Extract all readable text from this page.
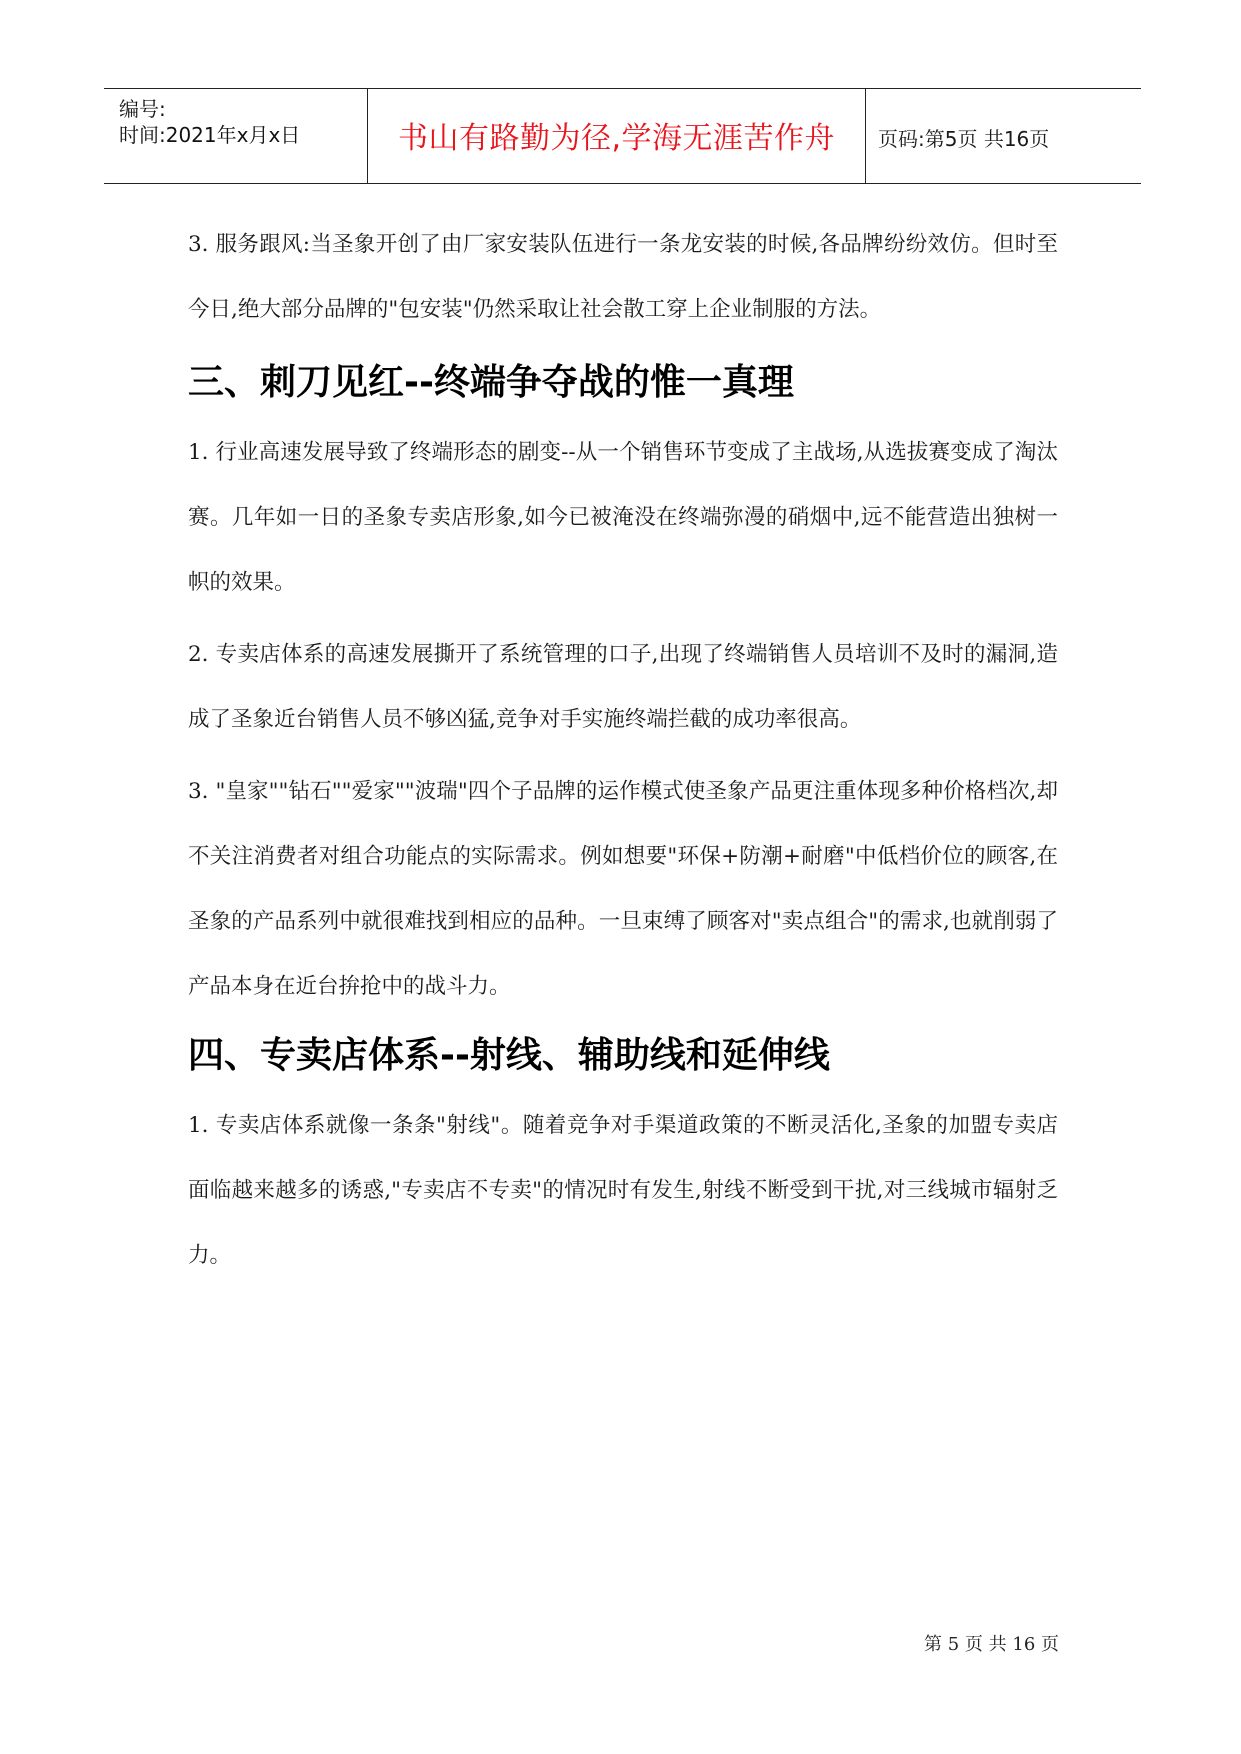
编号:
时间:2021年x月x日	书山有路勤为径,学海无涯苦作舟	页码:第5页 共16页

3. 服务跟风:当圣象开创了由厂家安装队伍进行一条龙安装的时候,各品牌纷纷效仿。但时至今日,绝大部分品牌的"包安装"仍然采取让社会散工穿上企业制服的方法。

三、刺刀见红--终端争夺战的惟一真理

1. 行业高速发展导致了终端形态的剧变--从一个销售环节变成了主战场,从选拔赛变成了淘汰赛。几年如一日的圣象专卖店形象,如今已被淹没在终端弥漫的硝烟中,远不能营造出独树一帜的效果。

2. 专卖店体系的高速发展撕开了系统管理的口子,出现了终端销售人员培训不及时的漏洞,造成了圣象近台销售人员不够凶猛,竞争对手实施终端拦截的成功率很高。

3. "皇家""钻石""爱家""波瑞"四个子品牌的运作模式使圣象产品更注重体现多种价格档次,却不关注消费者对组合功能点的实际需求。例如想要"环保+防潮+耐磨"中低档价位的顾客,在圣象的产品系列中就很难找到相应的品种。一旦束缚了顾客对"卖点组合"的需求,也就削弱了产品本身在近台拚抢中的战斗力。

四、专卖店体系--射线、辅助线和延伸线

1. 专卖店体系就像一条条"射线"。随着竞争对手渠道政策的不断灵活化,圣象的加盟专卖店面临越来越多的诱惑,"专卖店不专卖"的情况时有发生,射线不断受到干扰,对三线城市辐射乏力。

第 5 页 共 16 页
